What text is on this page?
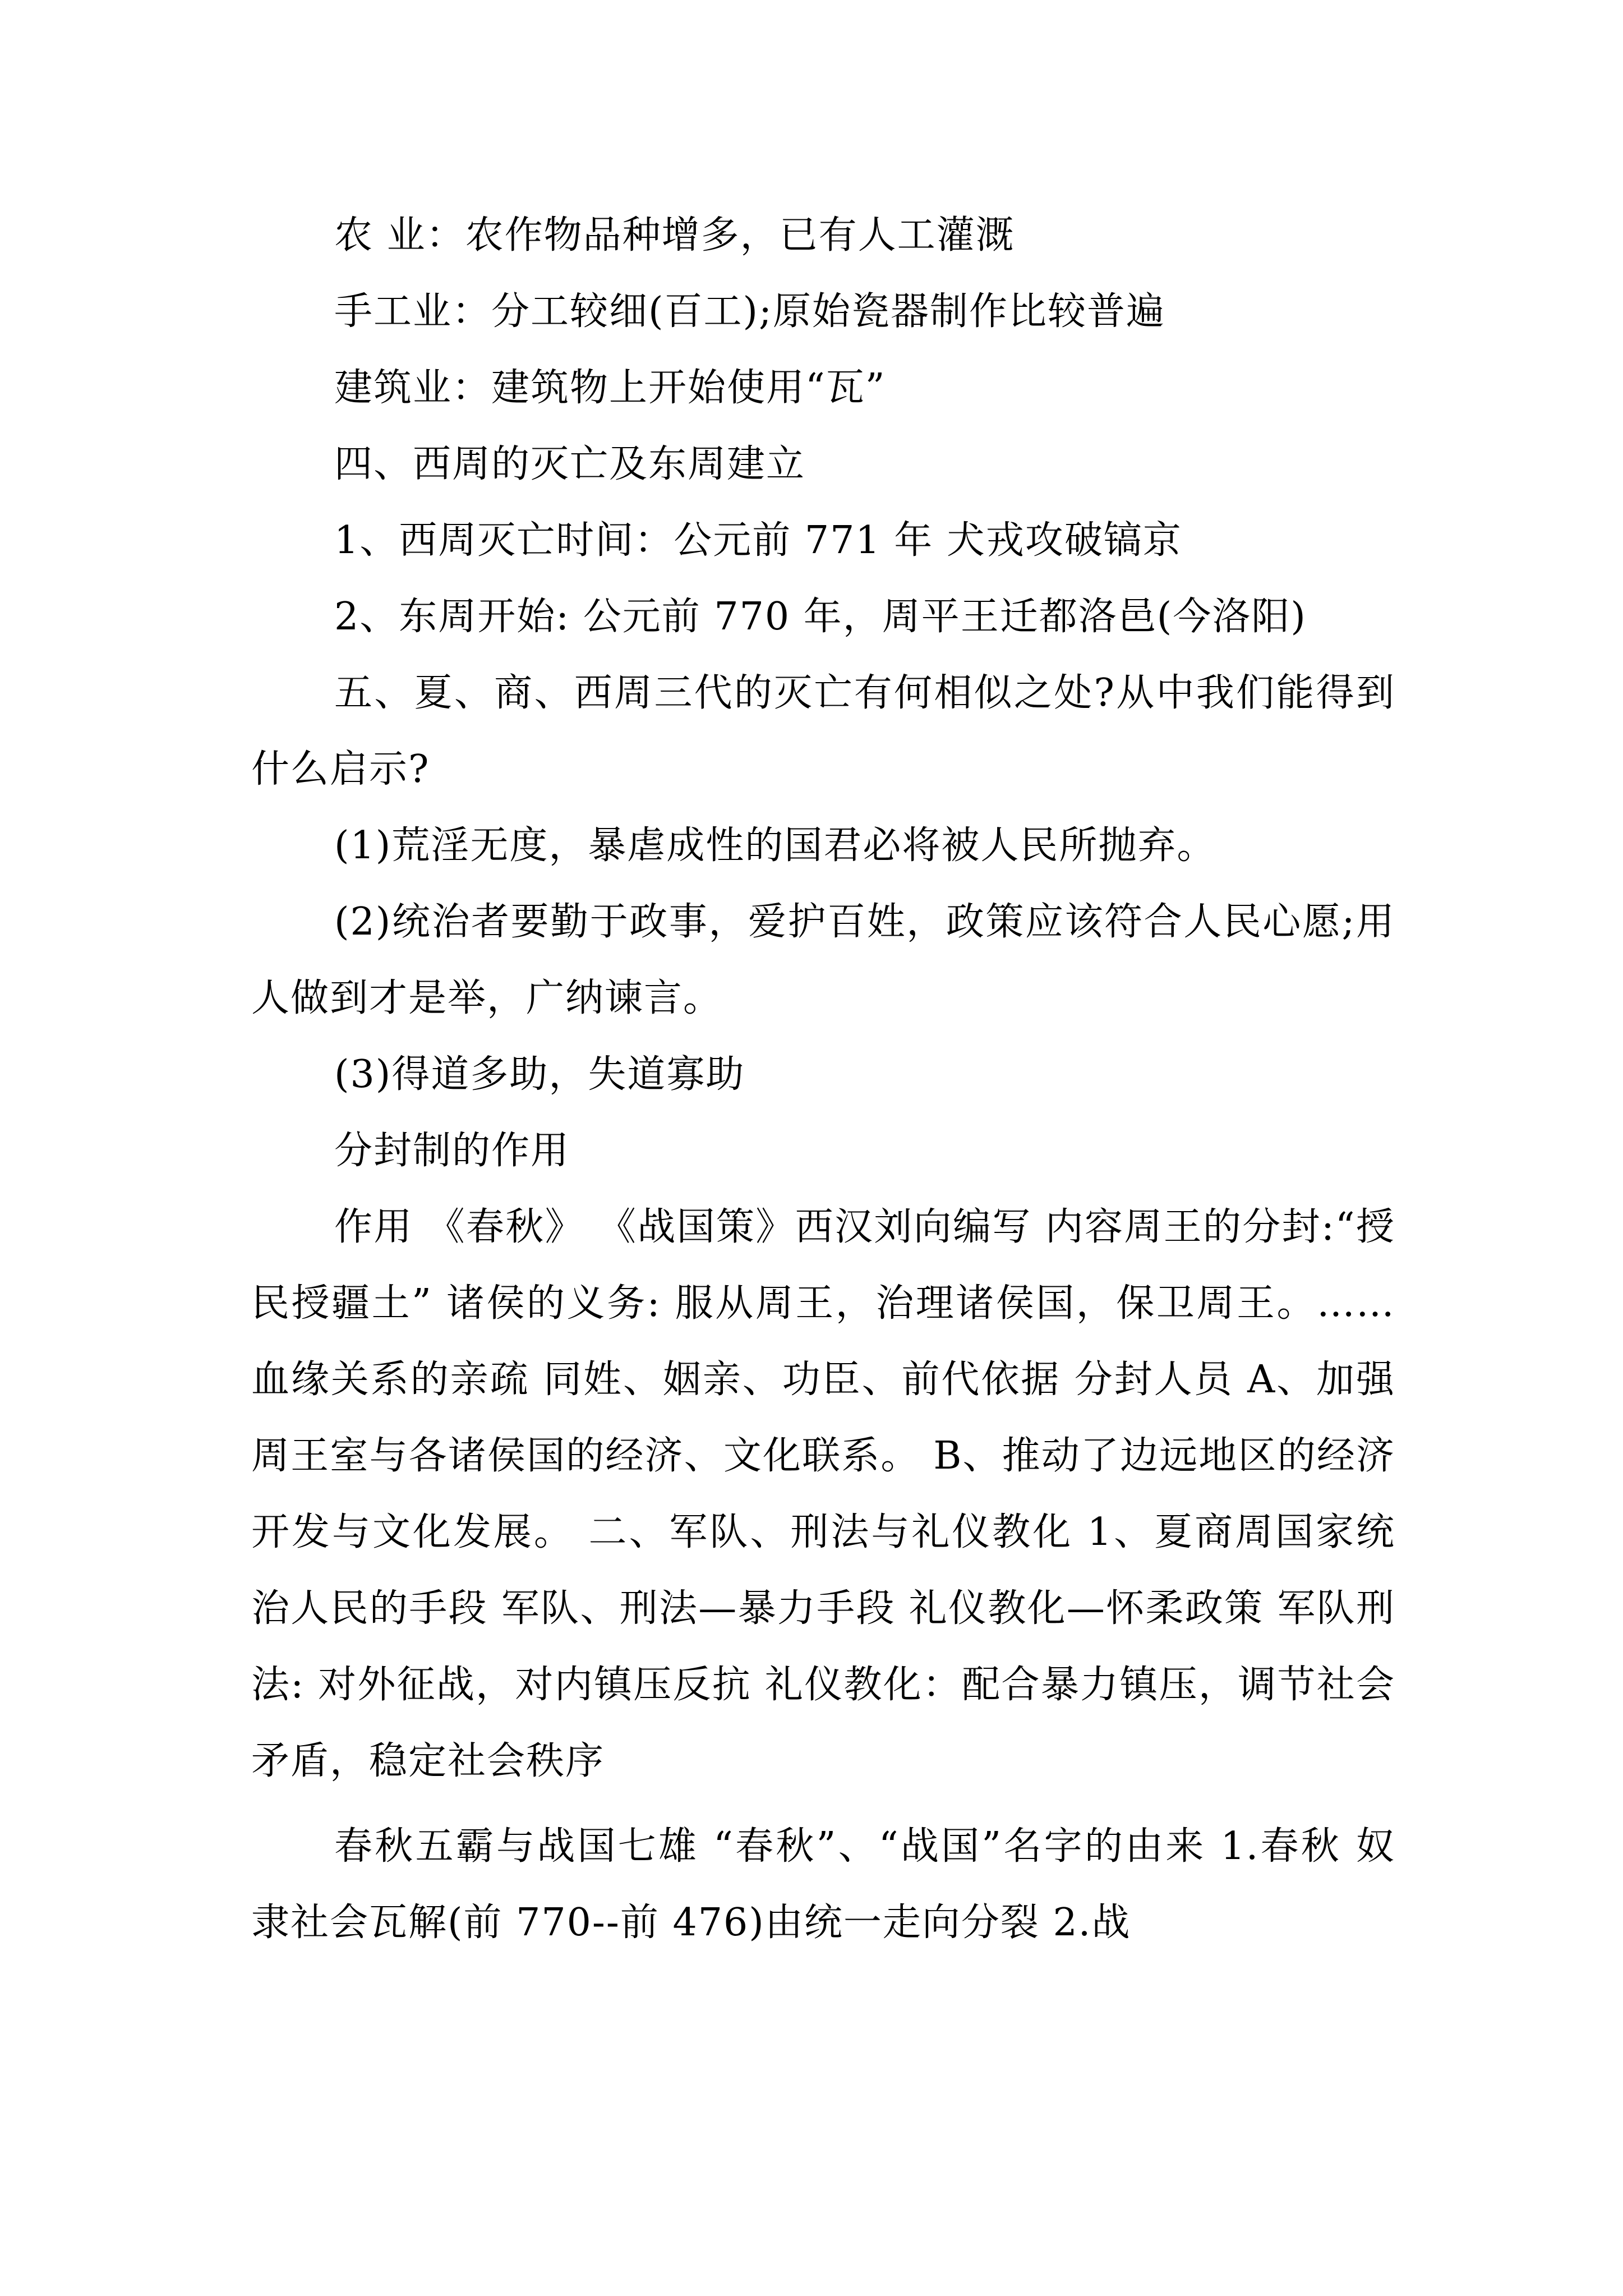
农 业：农作物品种增多，已有人工灌溉

手工业：分工较细(百工);原始瓷器制作比较普遍

建筑业：建筑物上开始使用“瓦”

四、西周的灭亡及东周建立

1、西周灭亡时间：公元前 771 年 犬戎攻破镐京

2、东周开始: 公元前 770 年，周平王迁都洛邑(今洛阳)

五、夏、商、西周三代的灭亡有何相似之处?从中我们能得到什么启示?

(1)荒淫无度，暴虐成性的国君必将被人民所抛弃。

(2)统治者要勤于政事，爱护百姓，政策应该符合人民心愿;用人做到才是举，广纳谏言。

(3)得道多助，失道寡助

分封制的作用

作用 《春秋》 《战国策》西汉刘向编写 内容周王的分封:“授民授疆土” 诸侯的义务: 服从周王，治理诸侯国，保卫周王。…… 血缘关系的亲疏 同姓、姻亲、功臣、前代依据 分封人员 A、加强周王室与各诸侯国的经济、文化联系。 B、推动了边远地区的经济开发与文化发展。 二、军队、刑法与礼仪教化 1、夏商周国家统治人民的手段 军队、刑法—暴力手段 礼仪教化—怀柔政策 军队刑法: 对外征战，对内镇压反抗 礼仪教化：配合暴力镇压，调节社会矛盾，稳定社会秩序

春秋五霸与战国七雄 “春秋”、“战国”名字的由来 1.春秋 奴隶社会瓦解(前 770--前 476)由统一走向分裂 2.战
